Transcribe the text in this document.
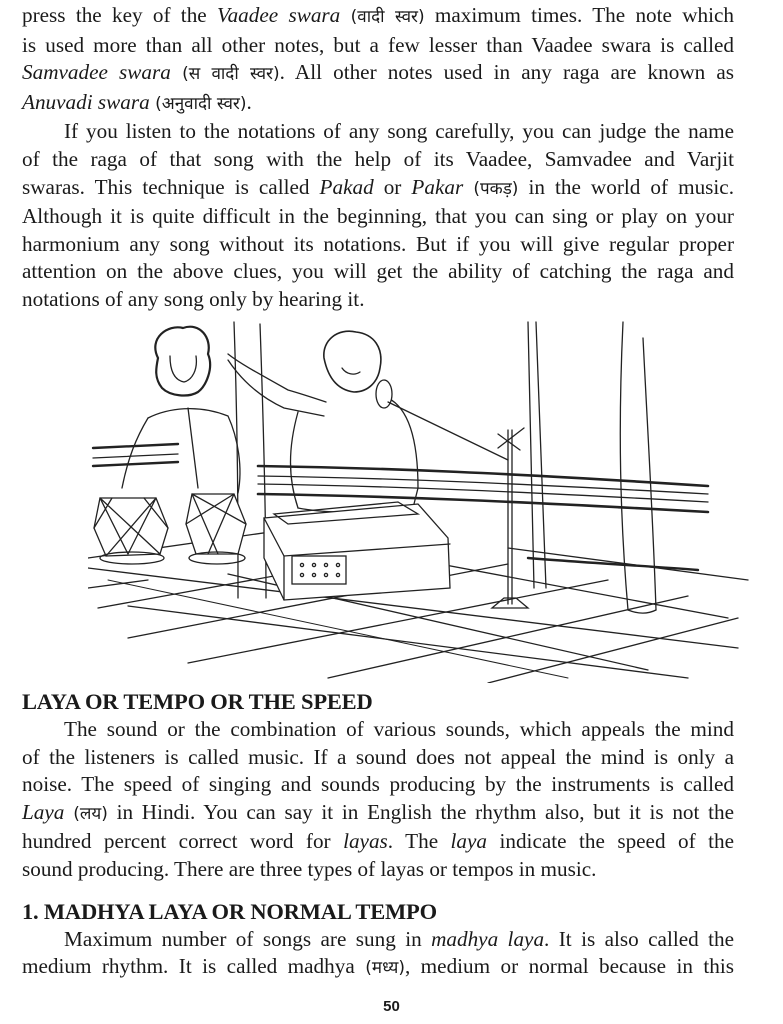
press the key of the Vaadee swara (वादी स्वर) maximum times. The note which
is used more than all other notes, but a few lesser than Vaadee swara is called
Samvadee swara (स वादी स्वर). All other notes used in any raga are known as
Anuvadi swara (अनुवादी स्वर).

If you listen to the notations of any song carefully, you can judge the name
of the raga of that song with the help of its Vaadee, Samvadee and Varjit
swaras. This technique is called Pakad or Pakar (पकड़) in the world of music.
Although it is quite difficult in the beginning, that you can sing or play on your
harmonium any song without its notations. But if you will give regular proper
attention on the above clues, you will get the ability of catching the raga and
notations of any song only by hearing it.

50
LAYA OR TEMPO OR THE SPEED

The sound or the combination of various sounds, which appeals the mind
of the listeners is called music. If a sound does not appeal the mind is only a
noise. The speed of singing and sounds producing by the instruments is called
Laya (लय) in Hindi. You can say it in English the rhythm also, but it is not the
hundred percent correct word for layas. The laya indicate the speed of the
sound producing. There are three types of layas or tempos in music.

1. MADHYA LAYA OR NORMAL TEMPO

Maximum number of songs are sung in madhya laya. It is also called the
medium rhythm. It is called madhya (मध्य), medium or normal because in this
